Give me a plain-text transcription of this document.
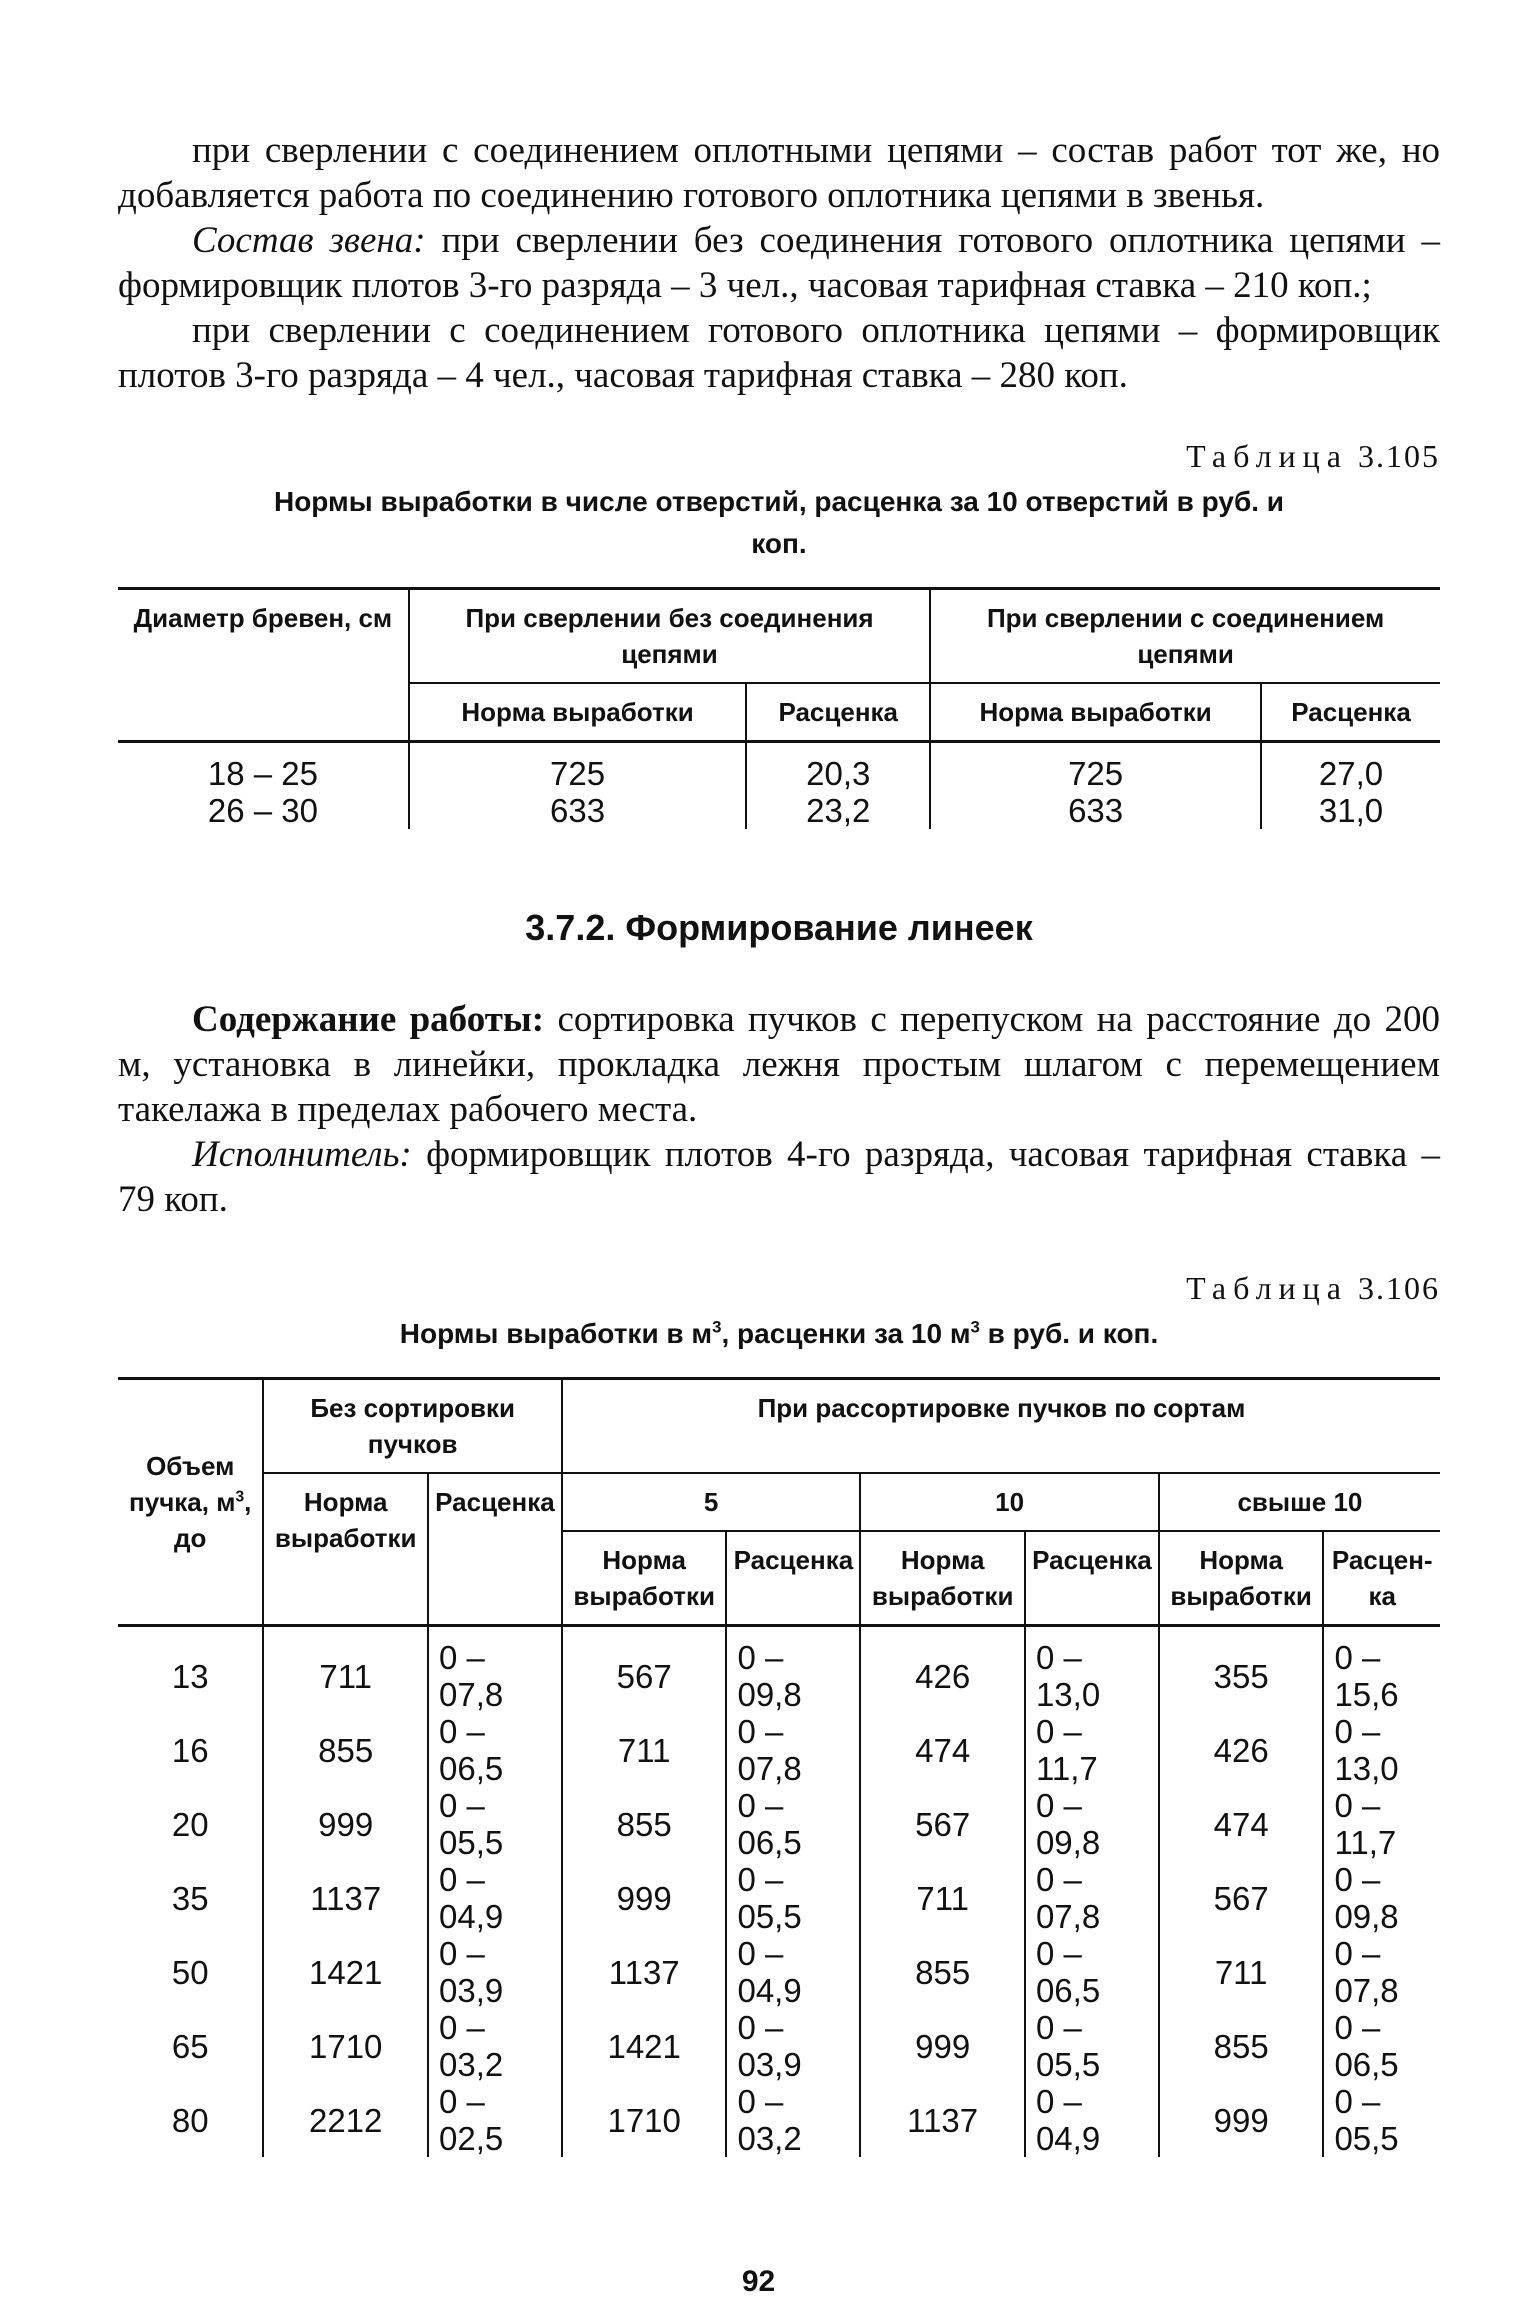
при сверлении с соединением оплотными цепями – состав работ тот же, но добавляется работа по соединению готового оплотника цепями в звенья.

Состав звена: при сверлении без соединения готового оплотника цепями – формировщик плотов 3-го разряда – 3 чел., часовая тарифная ставка – 210 коп.;

при сверлении с соединением готового оплотника цепями – формировщик плотов 3-го разряда – 4 чел., часовая тарифная ставка – 280 коп.

Таблица 3.105
Нормы выработки в числе отверстий, расценка за 10 отверстий в руб. и коп.
Диаметр бревен, см	При сверлении без соединения цепями		При сверлении с соединением цепями	
	Норма выработки	Расценка	Норма выработки	Расценка
18 – 25	725	20,3	725	27,0
26 – 30	633	23,2	633	31,0
3.7.2. Формирование линеек

Содержание работы: сортировка пучков с перепуском на расстояние до 200 м, установка в линейки, прокладка лежня простым шлагом с перемещением такелажа в пределах рабочего места.

Исполнитель: формировщик плотов 4-го разряда, часовая тарифная ставка – 79 коп.

Таблица 3.106
Нормы выработки в $м^3$, расценки за 10 $м^3$ в руб. и коп.
Объем пучка, $м^3$, до	Без сортировки пучков		При рассортировке пучков по сортам					
	Норма выработки	Расценка	5		10		свыше 10	
			Норма выработки	Расценка	Норма выработки	Расценка	Норма выработки	Расцен-ка
13	711	0 – 07,8	567	0 – 09,8	426	0 – 13,0	355	0 – 15,6
16	855	0 – 06,5	711	0 – 07,8	474	0 – 11,7	426	0 – 13,0
20	999	0 – 05,5	855	0 – 06,5	567	0 – 09,8	474	0 – 11,7
35	1137	0 – 04,9	999	0 – 05,5	711	0 – 07,8	567	0 – 09,8
50	1421	0 – 03,9	1137	0 – 04,9	855	0 – 06,5	711	0 – 07,8
65	1710	0 – 03,2	1421	0 – 03,9	999	0 – 05,5	855	0 – 06,5
80	2212	0 – 02,5	1710	0 – 03,2	1137	0 – 04,9	999	0 – 05,5
92
